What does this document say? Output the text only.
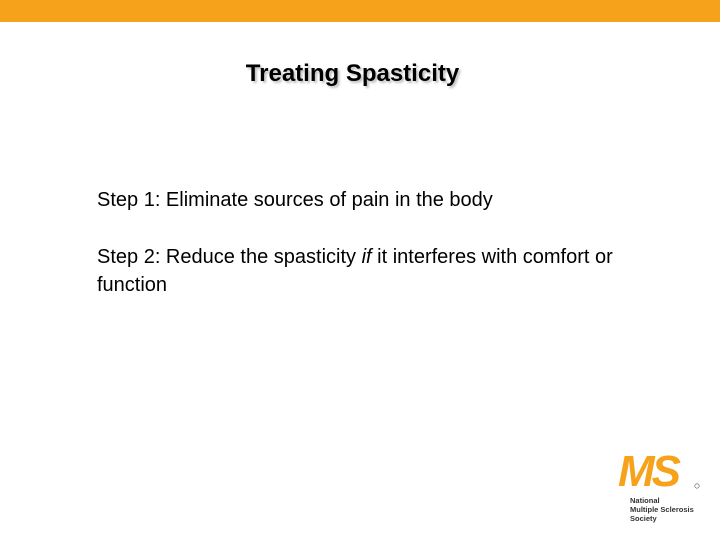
Treating Spasticity

Step 1: Eliminate sources of pain in the body

Step 2: Reduce the spasticity if it interferes with comfort or function

MS
National
Multiple Sclerosis
Society
